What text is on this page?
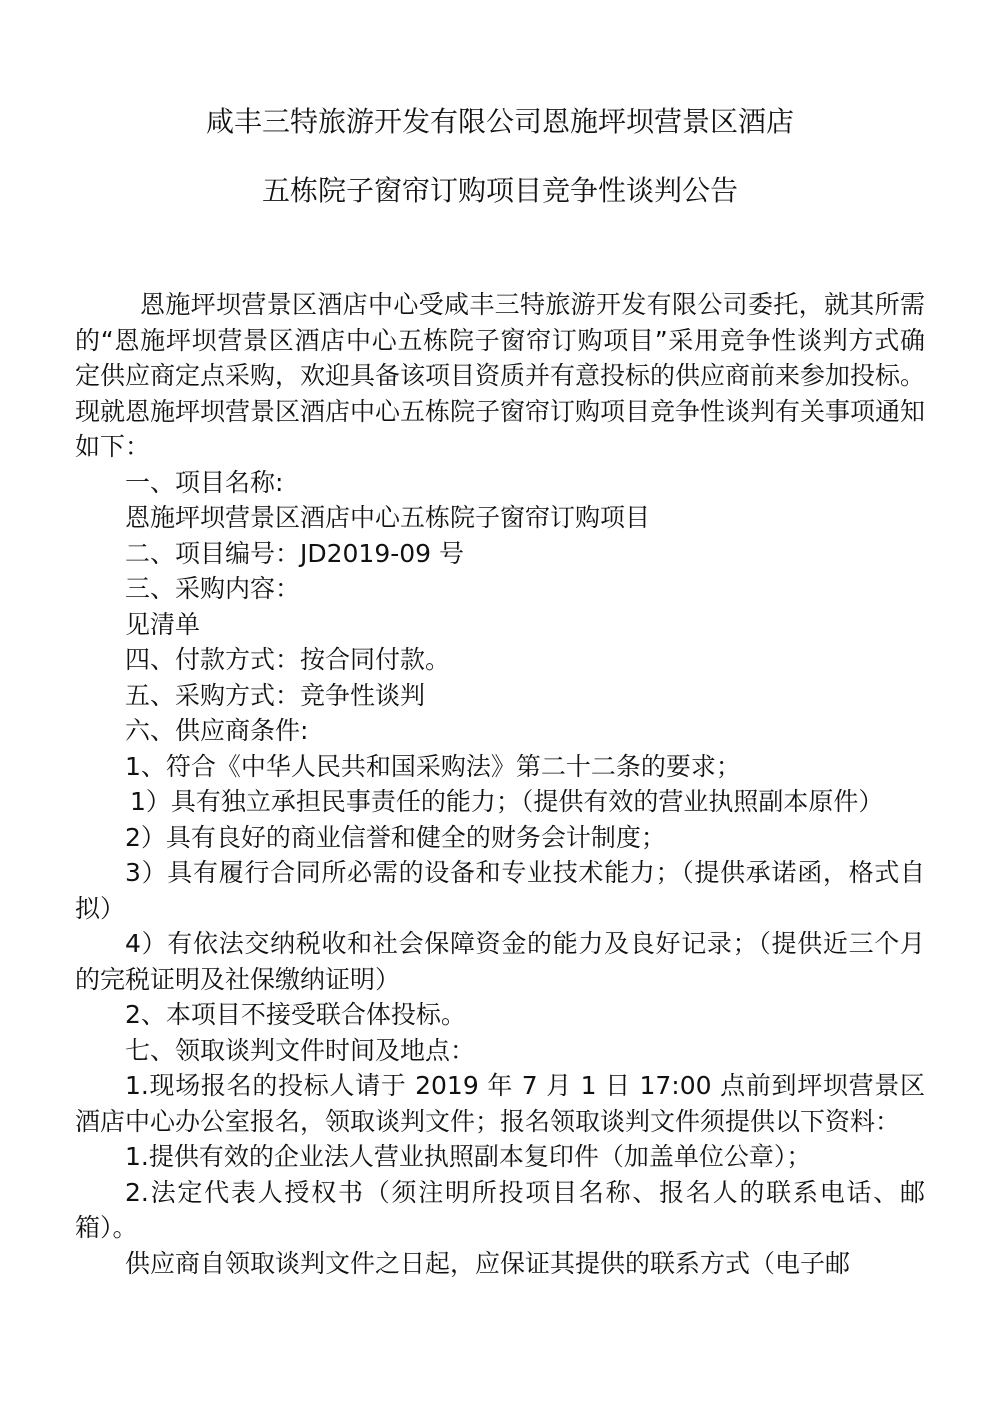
咸丰三特旅游开发有限公司恩施坪坝营景区酒店
五栋院子窗帘订购项目竞争性谈判公告

恩施坪坝营景区酒店中心受咸丰三特旅游开发有限公司委托，就其所需的“恩施坪坝营景区酒店中心五栋院子窗帘订购项目”采用竞争性谈判方式确定供应商定点采购，欢迎具备该项目资质并有意投标的供应商前来参加投标。现就恩施坪坝营景区酒店中心五栋院子窗帘订购项目竞争性谈判有关事项通知如下：

一、项目名称:

恩施坪坝营景区酒店中心五栋院子窗帘订购项目

二、项目编号：JD2019-09 号

三、采购内容：

见清单

四、付款方式：按合同付款。

五、采购方式：竞争性谈判

六、供应商条件:

1、符合《中华人民共和国采购法》第二十二条的要求；

1）具有独立承担民事责任的能力；（提供有效的营业执照副本原件）

2）具有良好的商业信誉和健全的财务会计制度；

3）具有履行合同所必需的设备和专业技术能力；（提供承诺函，格式自拟）

4）有依法交纳税收和社会保障资金的能力及良好记录；（提供近三个月的完税证明及社保缴纳证明）

2、本项目不接受联合体投标。

七、领取谈判文件时间及地点：

1.现场报名的投标人请于 2019 年 7 月 1 日 17:00 点前到坪坝营景区酒店中心办公室报名，领取谈判文件；报名领取谈判文件须提供以下资料：

1.提供有效的企业法人营业执照副本复印件（加盖单位公章）；

2.法定代表人授权书（须注明所投项目名称、报名人的联系电话、邮箱）。

供应商自领取谈判文件之日起，应保证其提供的联系方式（电子邮
